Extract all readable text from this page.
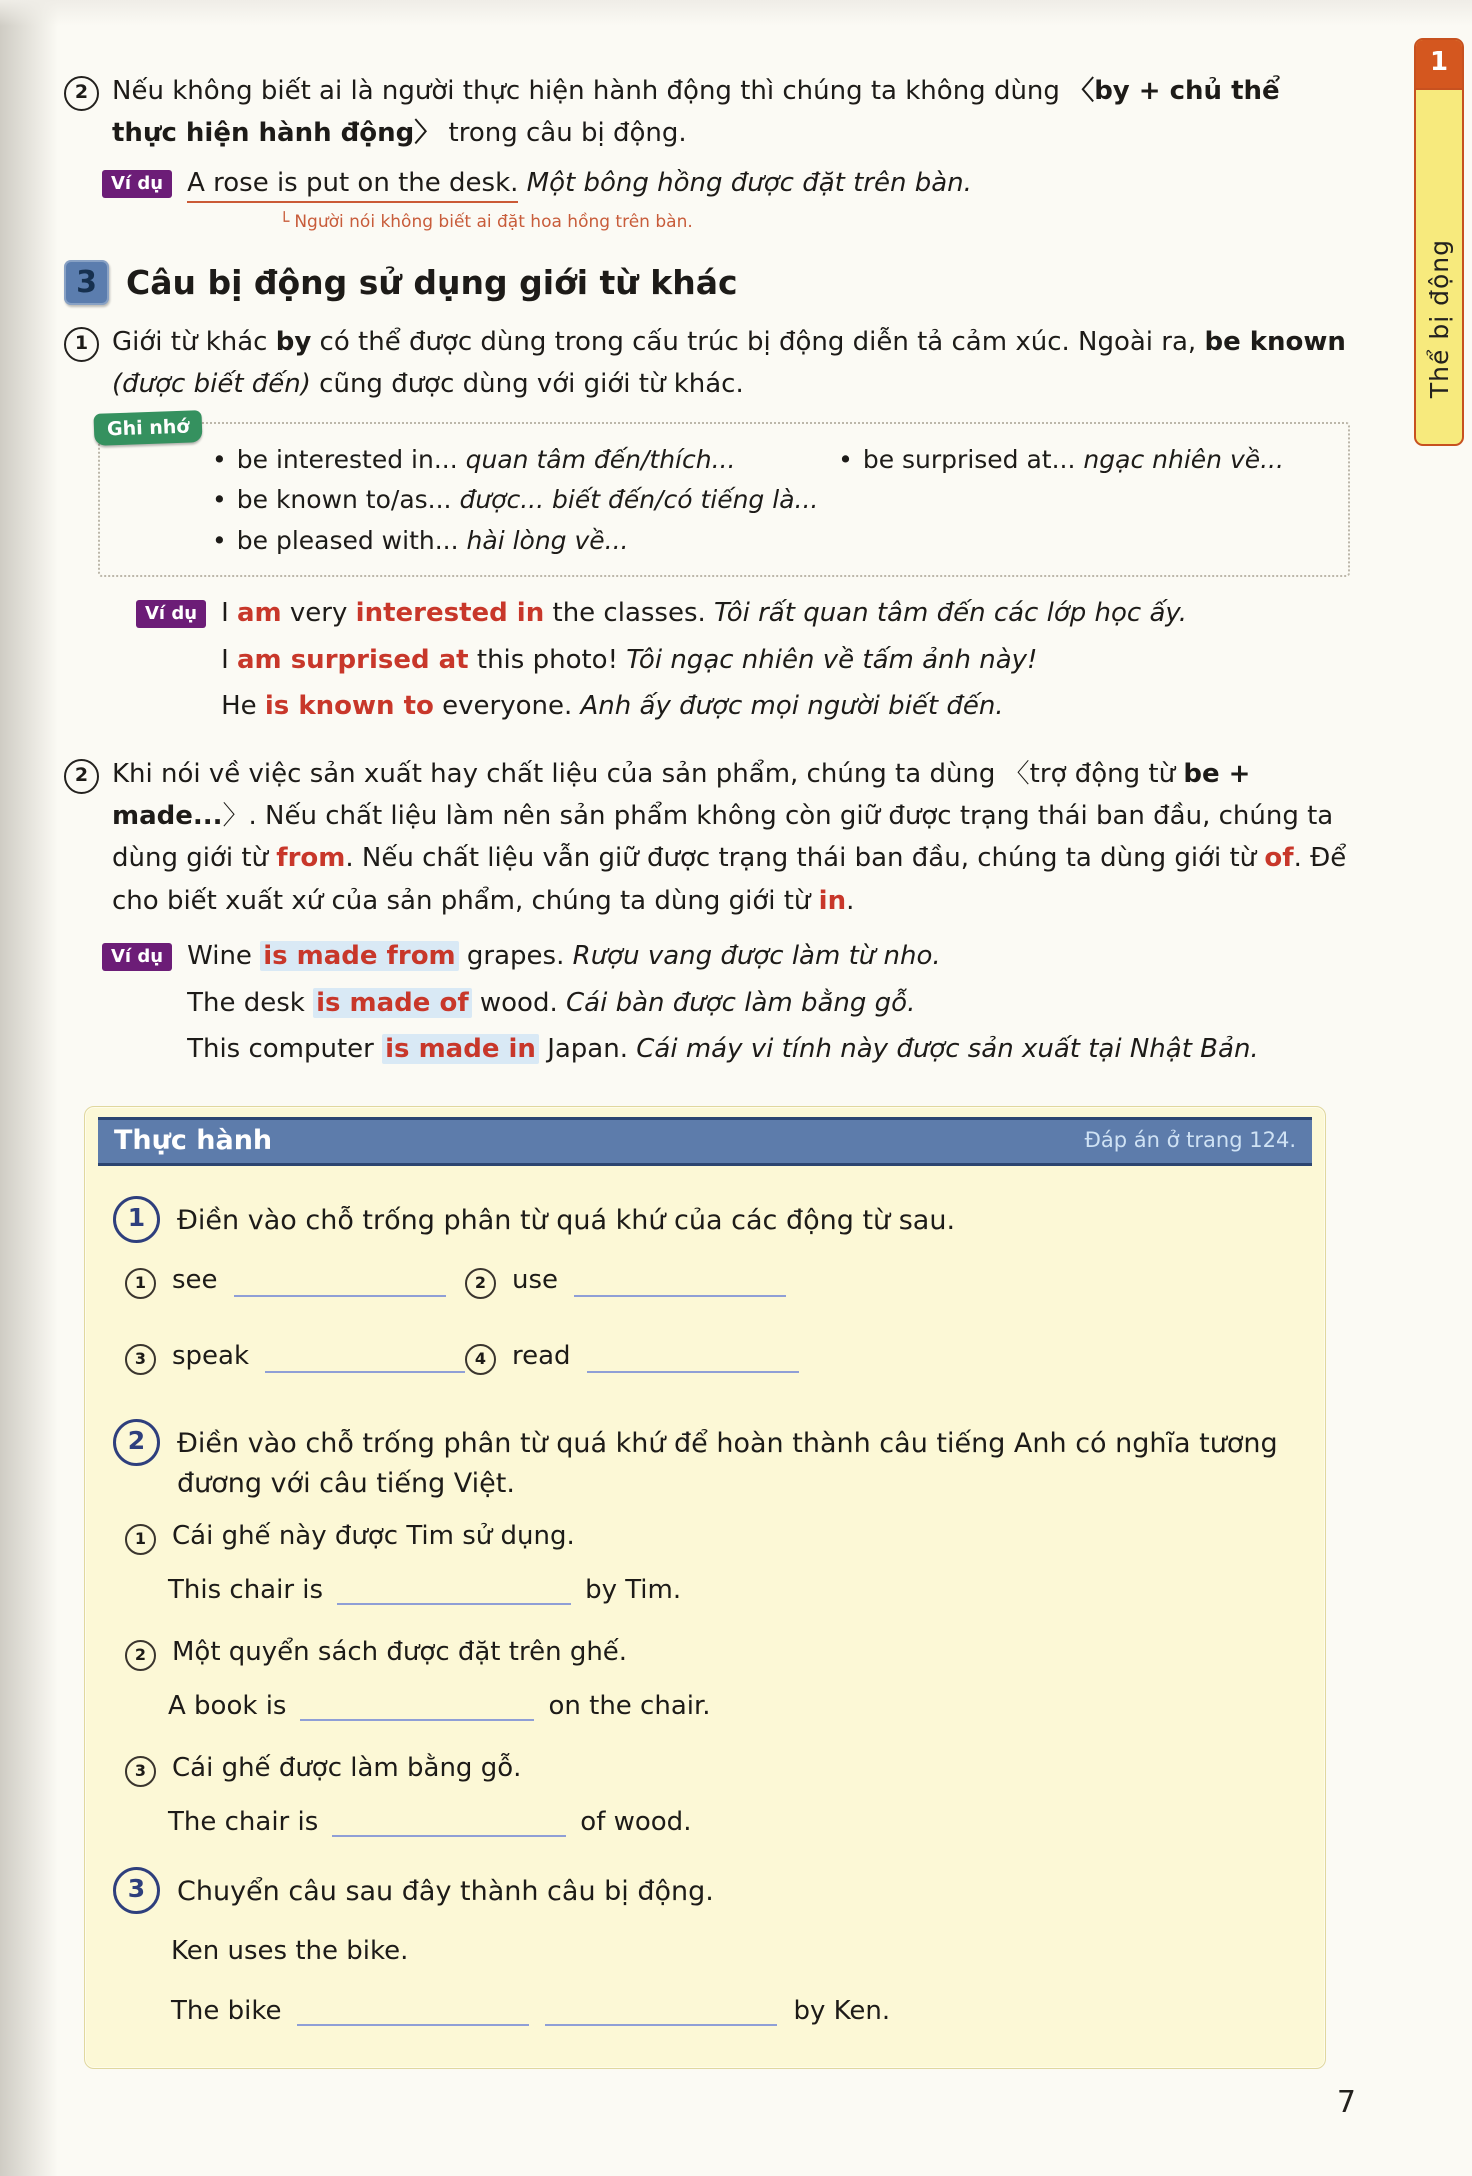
1
Thể bị động
2 Nếu không biết ai là người thực hiện hành động thì chúng ta không dùng 〈by + chủ thể thực hiện hành động〉 trong câu bị động.
Ví dụ A rose is put on the desk. Một bông hồng được đặt trên bàn.
└ Người nói không biết ai đặt hoa hồng trên bàn.
3 Câu bị động sử dụng giới từ khác
1 Giới từ khác by có thể được dùng trong cấu trúc bị động diễn tả cảm xúc. Ngoài ra, be known (được biết đến) cũng được dùng với giới từ khác.
Ghi nhớ
• be interested in... quan tâm đến/thích...	• be surprised at... ngạc nhiên về...
• be known to/as... được... biết đến/có tiếng là...
• be pleased with... hài lòng về...
Ví dụ I am very interested in the classes. Tôi rất quan tâm đến các lớp học ấy.
I am surprised at this photo! Tôi ngạc nhiên về tấm ảnh này!
He is known to everyone. Anh ấy được mọi người biết đến.
2 Khi nói về việc sản xuất hay chất liệu của sản phẩm, chúng ta dùng 〈trợ động từ be + made...〉. Nếu chất liệu làm nên sản phẩm không còn giữ được trạng thái ban đầu, chúng ta dùng giới từ from. Nếu chất liệu vẫn giữ được trạng thái ban đầu, chúng ta dùng giới từ of. Để cho biết xuất xứ của sản phẩm, chúng ta dùng giới từ in.
Ví dụ Wine is made from grapes. Rượu vang được làm từ nho.
The desk is made of wood. Cái bàn được làm bằng gỗ.
This computer is made in Japan. Cái máy vi tính này được sản xuất tại Nhật Bản.
Thực hành	Đáp án ở trang 124.
1	Điền vào chỗ trống phân từ quá khứ của các động từ sau.
1 see	2 use
3 speak	4 read
2	Điền vào chỗ trống phân từ quá khứ để hoàn thành câu tiếng Anh có nghĩa tương đương với câu tiếng Việt.
1 Cái ghế này được Tim sử dụng.
This chair is	by Tim.
2 Một quyển sách được đặt trên ghế.
A book is	on the chair.
3 Cái ghế được làm bằng gỗ.
The chair is	of wood.
3	Chuyển câu sau đây thành câu bị động.
Ken uses the bike.
The bike	by Ken.
7
